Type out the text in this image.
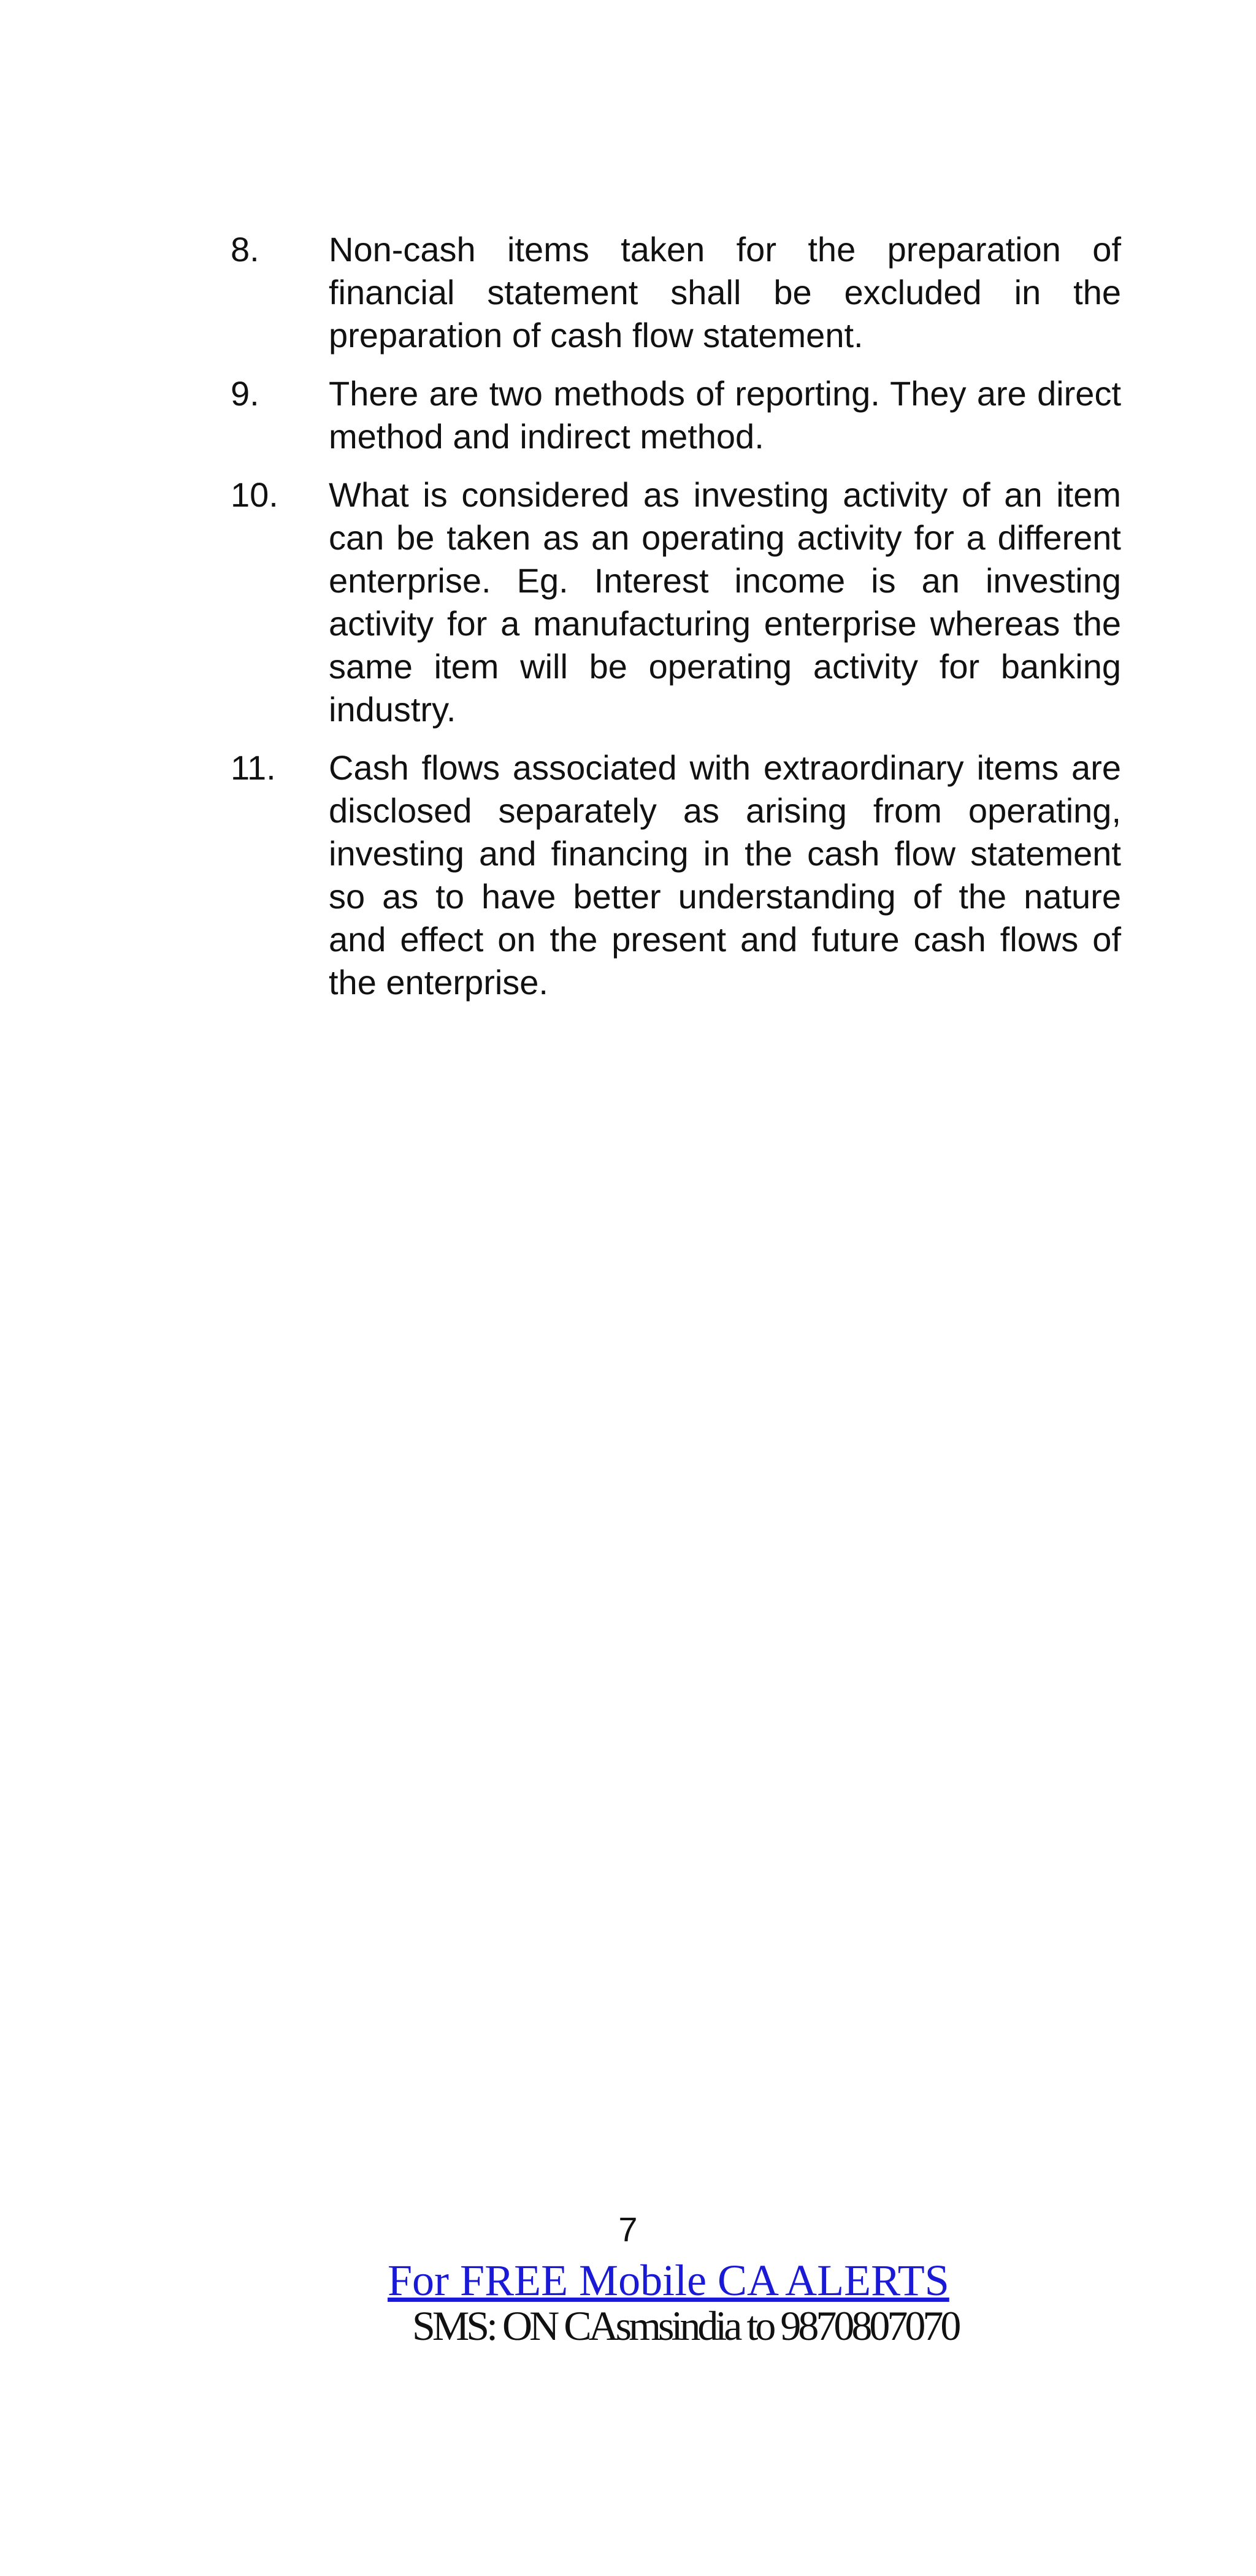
8.	Non-cash items taken for the preparation of financial statement shall be excluded in the preparation of cash flow statement.
9.	There are two methods of reporting. They are direct method and indirect method.
10.	What is considered as investing activity of an item can be taken as an operating activity for a different enterprise. Eg. Interest income is an investing activity for a manufacturing enterprise whereas the same item will be operating activity for banking industry.
11.	Cash flows associated with extraordinary items are disclosed separately as arising from operating, investing and financing in the cash flow statement so as to have better understanding of the nature and effect on the present and future cash flows of the enterprise.
7
For FREE Mobile CA ALERTS
SMS: ON CAsmsindia to 9870807070
